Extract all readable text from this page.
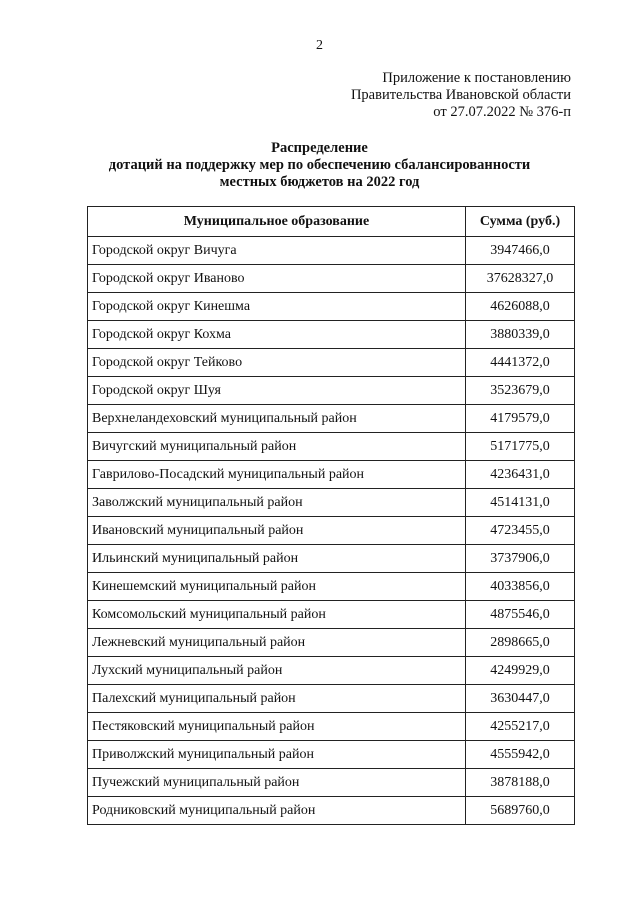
2
Приложение к постановлению
Правительства Ивановской области
от 27.07.2022 № 376-п
Распределение
дотаций на поддержку мер по обеспечению сбалансированности
местных бюджетов на 2022 год
Муниципальное образование	Сумма (руб.)
Городской округ Вичуга	3947466,0
Городской округ Иваново	37628327,0
Городской округ Кинешма	4626088,0
Городской округ Кохма	3880339,0
Городской округ Тейково	4441372,0
Городской округ Шуя	3523679,0
Верхнеландеховский муниципальный район	4179579,0
Вичугский муниципальный район	5171775,0
Гаврилово-Посадский муниципальный район	4236431,0
Заволжский муниципальный район	4514131,0
Ивановский муниципальный район	4723455,0
Ильинский муниципальный район	3737906,0
Кинешемский муниципальный район	4033856,0
Комсомольский муниципальный район	4875546,0
Лежневский муниципальный район	2898665,0
Лухский муниципальный район	4249929,0
Палехский муниципальный район	3630447,0
Пестяковский муниципальный район	4255217,0
Приволжский муниципальный район	4555942,0
Пучежский муниципальный район	3878188,0
Родниковский муниципальный район	5689760,0
